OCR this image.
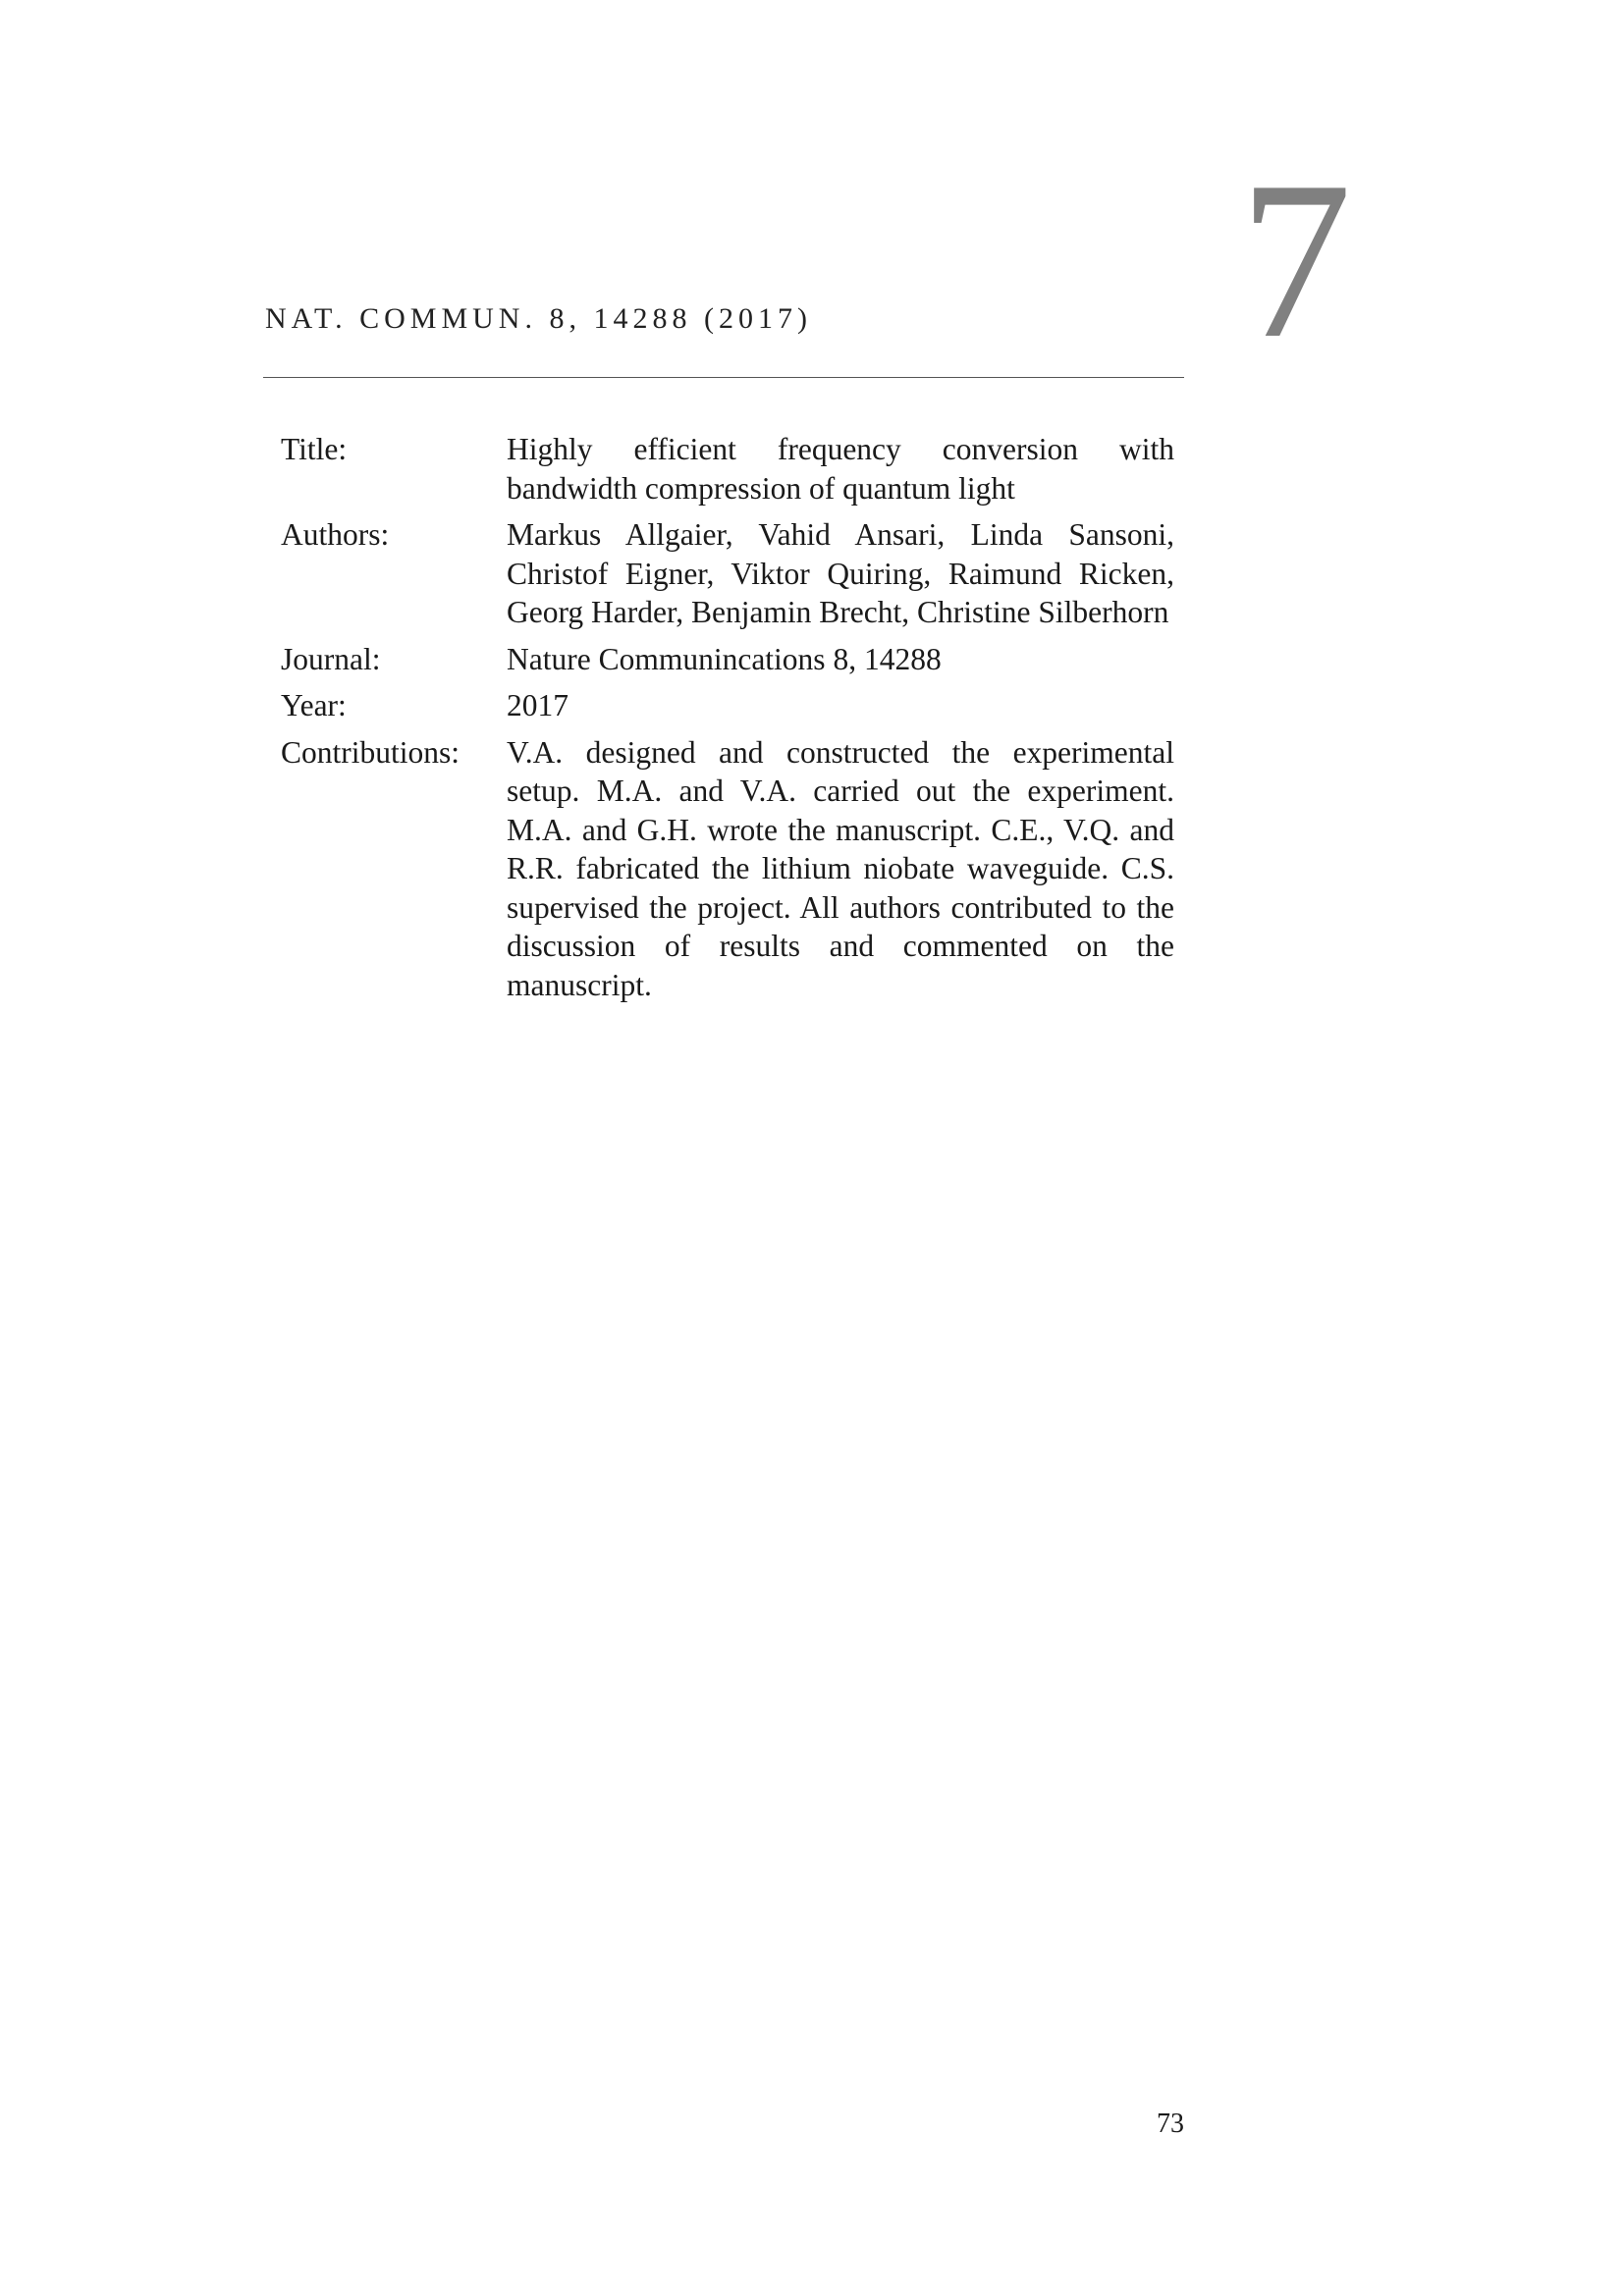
7
NAT. COMMUN. 8, 14288 (2017)
Title:	Highly efficient frequency conversion with bandwidth compression of quantum light
Authors:	Markus Allgaier, Vahid Ansari, Linda Sansoni, Christof Eigner, Viktor Quiring, Raimund Ricken, Georg Harder, Benjamin Brecht, Christine Silberhorn
Journal:	Nature Communincations 8, 14288
Year:	2017
Contributions:	V.A. designed and constructed the experimental setup. M.A. and V.A. carried out the experiment. M.A. and G.H. wrote the manuscript. C.E., V.Q. and R.R. fabricated the lithium niobate waveguide. C.S. supervised the project. All authors contributed to the discussion of results and commented on the manuscript.
73
